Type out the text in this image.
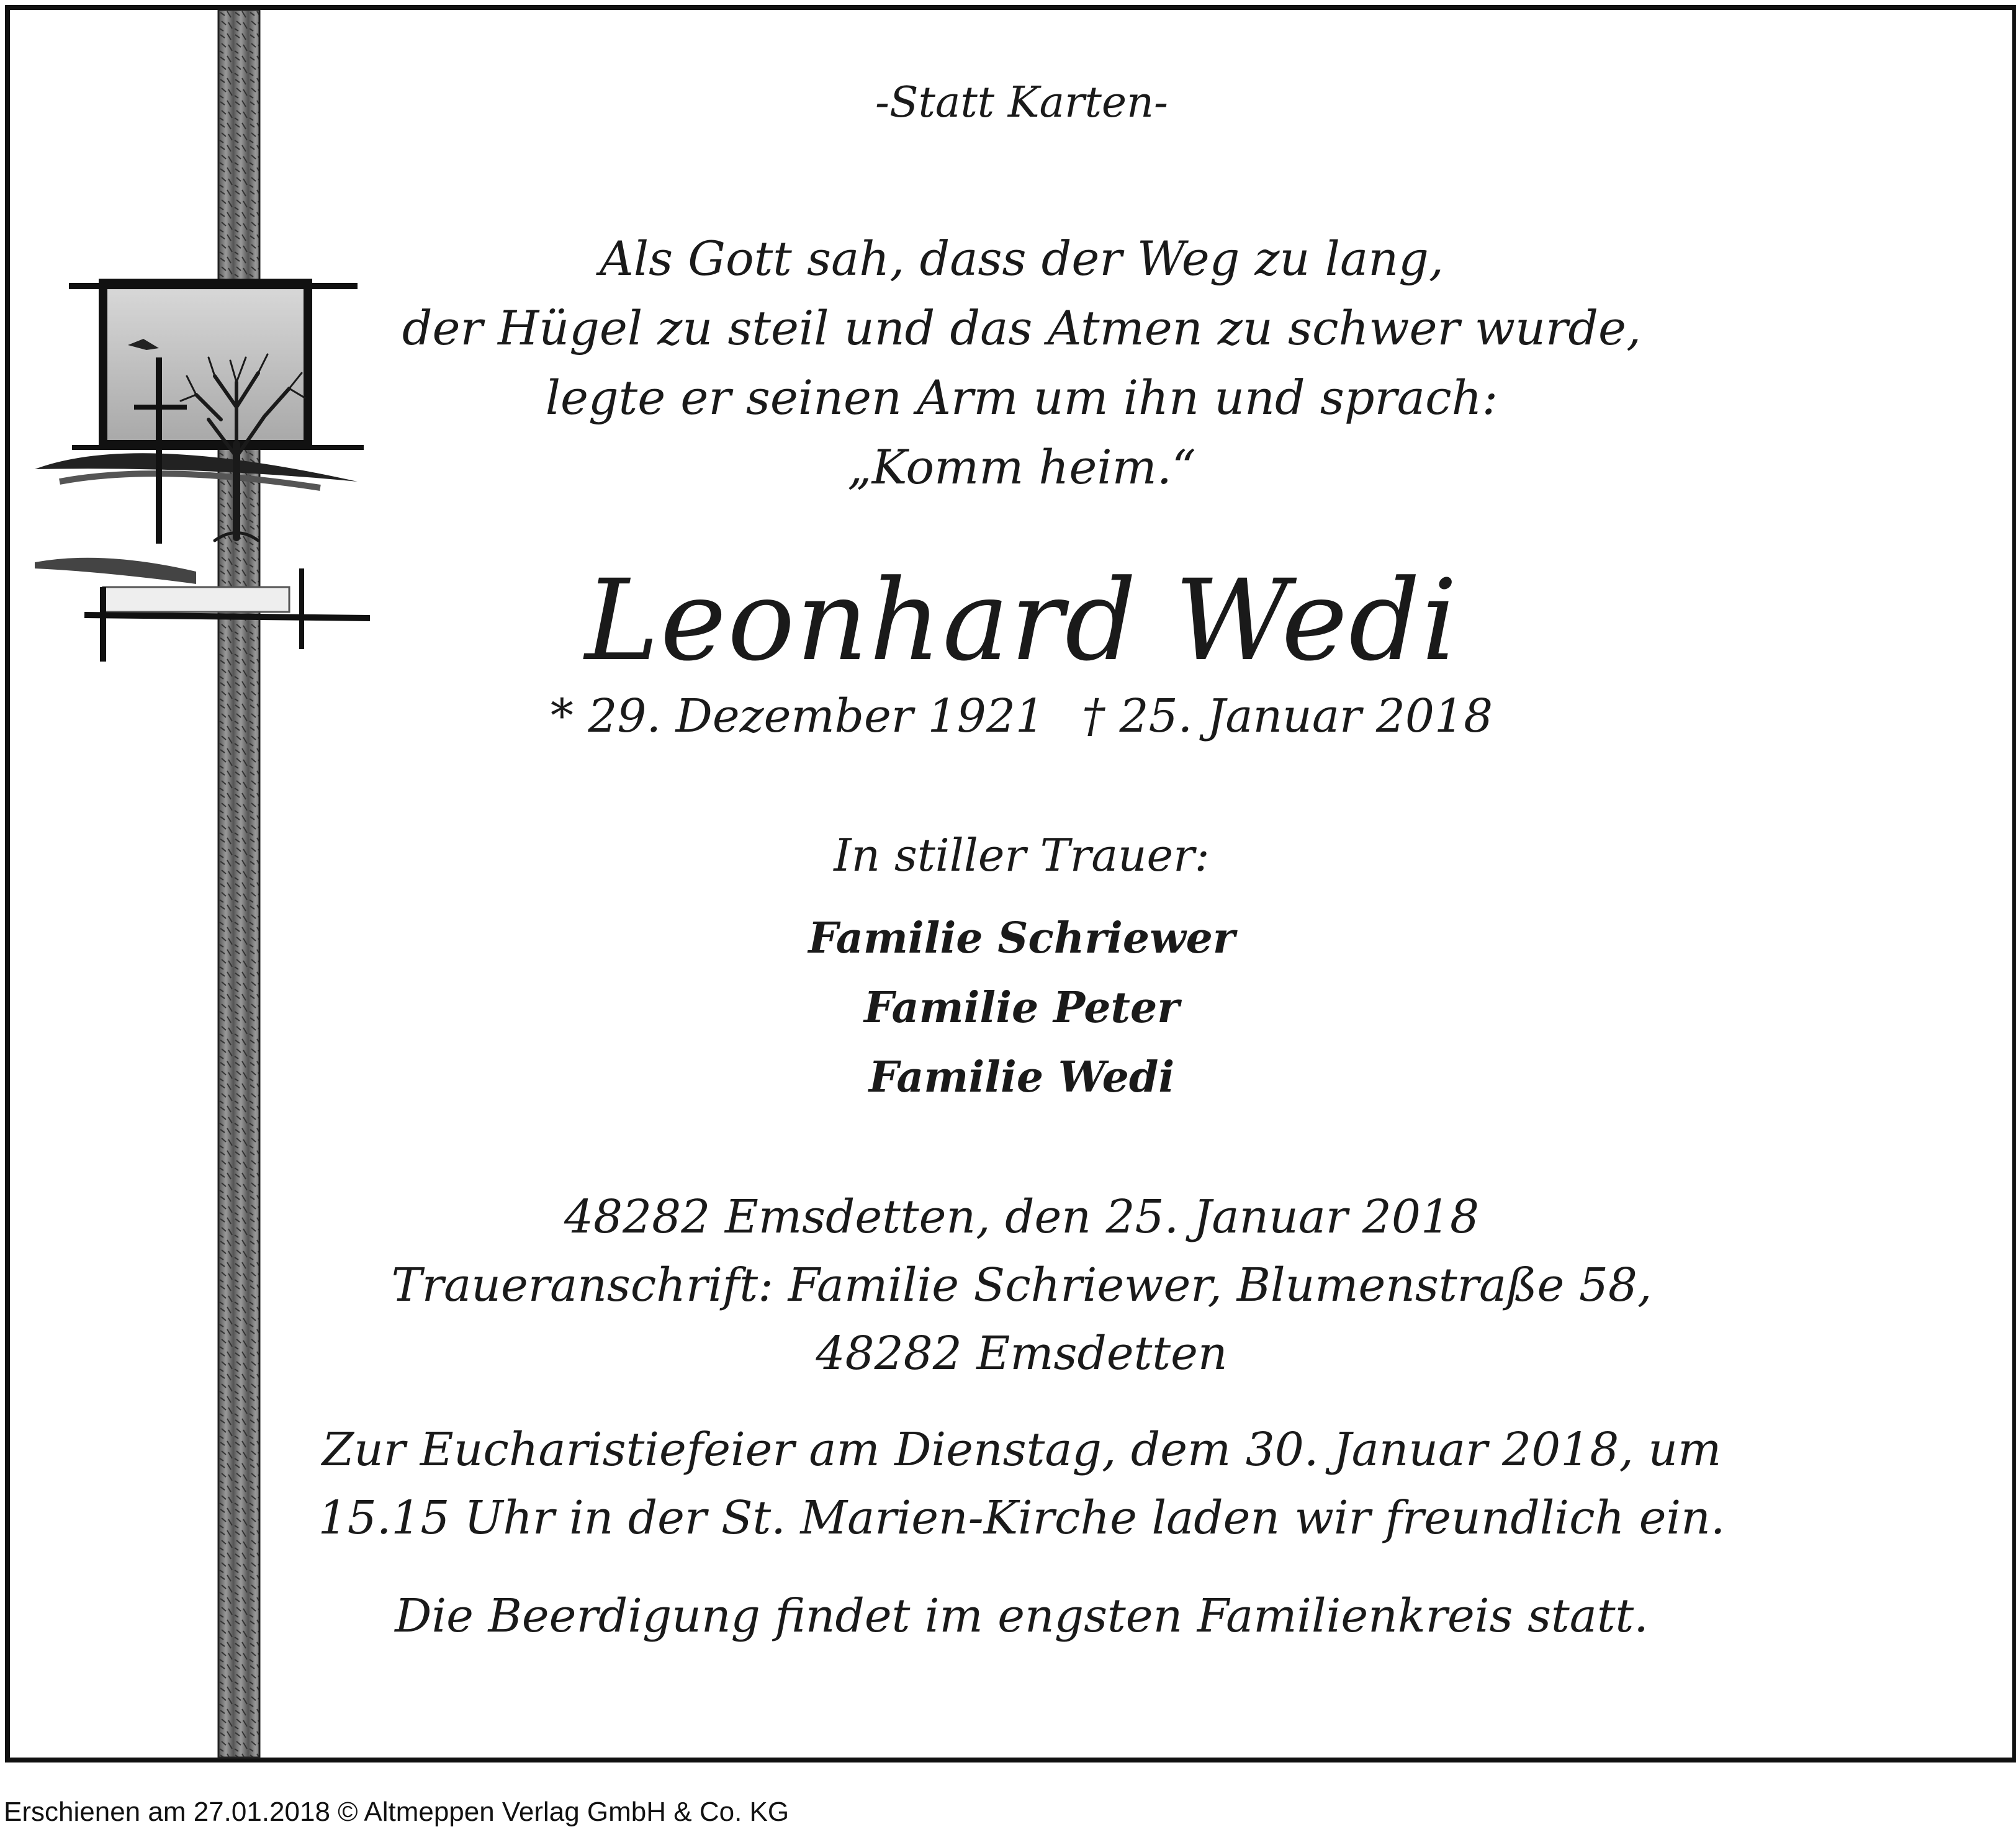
-Statt Karten-
Als Gott sah, dass der Weg zu lang,
der Hügel zu steil und das Atmen zu schwer wurde,
legte er seinen Arm um ihn und sprach:
„Komm heim.“
Leonhard Wedi
* 29. Dezember 1921 † 25. Januar 2018
In stiller Trauer:
Familie Schriewer
Familie Peter
Familie Wedi
48282 Emsdetten, den 25. Januar 2018
Traueranschrift: Familie Schriewer, Blumenstraße 58,
48282 Emsdetten
Zur Eucharistiefeier am Dienstag, dem 30. Januar 2018, um
15.15 Uhr in der St. Marien-Kirche laden wir freundlich ein.
Die Beerdigung findet im engsten Familienkreis statt.
Erschienen am 27.01.2018 © Altmeppen Verlag GmbH & Co. KG
